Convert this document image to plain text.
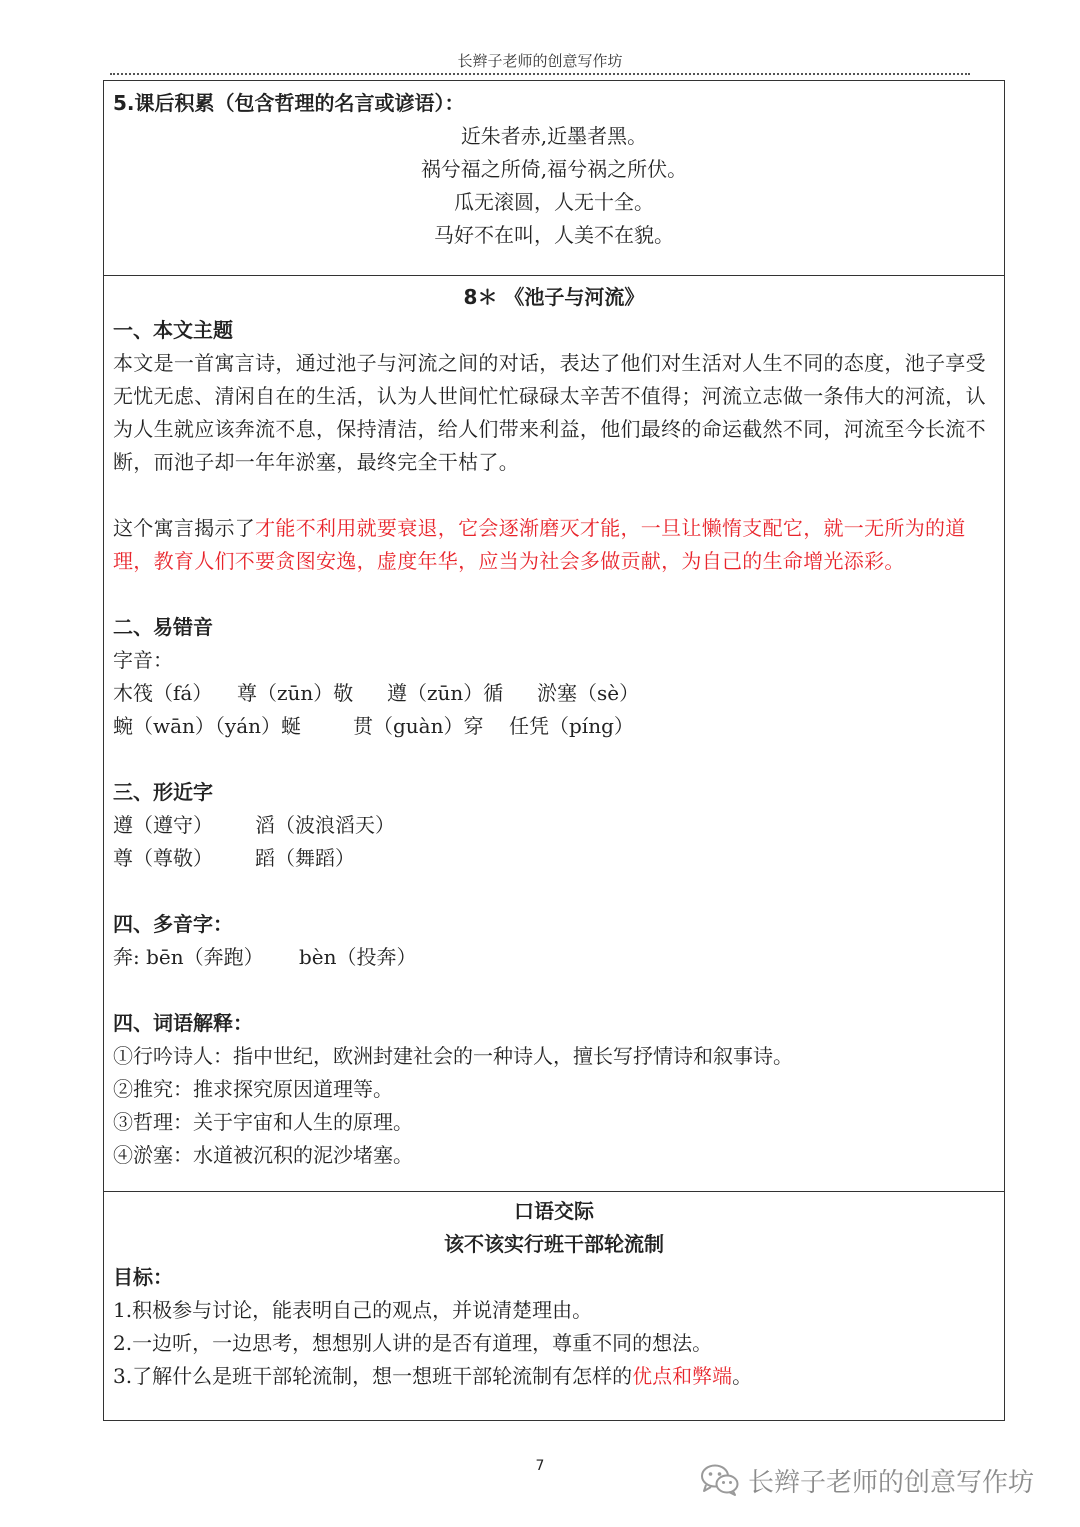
长辫子老师的创意写作坊
5.课后积累（包含哲理的名言或谚语）：
近朱者赤,近墨者黑。
祸兮福之所倚,福兮祸之所伏。
瓜无滚圆，人无十全。
马好不在叫，人美不在貌。
8＊ 《池子与河流》
一、本文主题
本文是一首寓言诗，通过池子与河流之间的对话，表达了他们对生活对人生不同的态度，池子享受无忧无虑、清闲自在的生活，认为人世间忙忙碌碌太辛苦不值得；河流立志做一条伟大的河流，认为人生就应该奔流不息，保持清洁，给人们带来利益，他们最终的命运截然不同，河流至今长流不断，而池子却一年年淤塞，最终完全干枯了。
这个寓言揭示了才能不利用就要衰退，它会逐渐磨灭才能，一旦让懒惰支配它，就一无所为的道理，教育人们不要贪图安逸，虚度年华，应当为社会多做贡献，为自己的生命增光添彩。
二、易错音
字音：
木筏（fá） 尊（zūn）敬 遵（zūn）循 淤塞（sè）
蜿（wān）（yán）蜒	贯（guàn）穿 任凭（píng）
三、形近字
遵（遵守） 滔（波浪滔天）
尊（尊敬） 蹈（舞蹈）
四、多音字：
奔: bēn（奔跑） bèn（投奔）
四、词语解释：
①行吟诗人：指中世纪，欧洲封建社会的一种诗人，擅长写抒情诗和叙事诗。
②推究：推求探究原因道理等。
③哲理：关于宇宙和人生的原理。
④淤塞：水道被沉积的泥沙堵塞。
口语交际
该不该实行班干部轮流制
目标：
1.积极参与讨论，能表明自己的观点，并说清楚理由。
2.一边听，一边思考，想想别人讲的是否有道理，尊重不同的想法。
3.了解什么是班干部轮流制，想一想班干部轮流制有怎样的优点和弊端。
7
长辫子老师的创意写作坊
